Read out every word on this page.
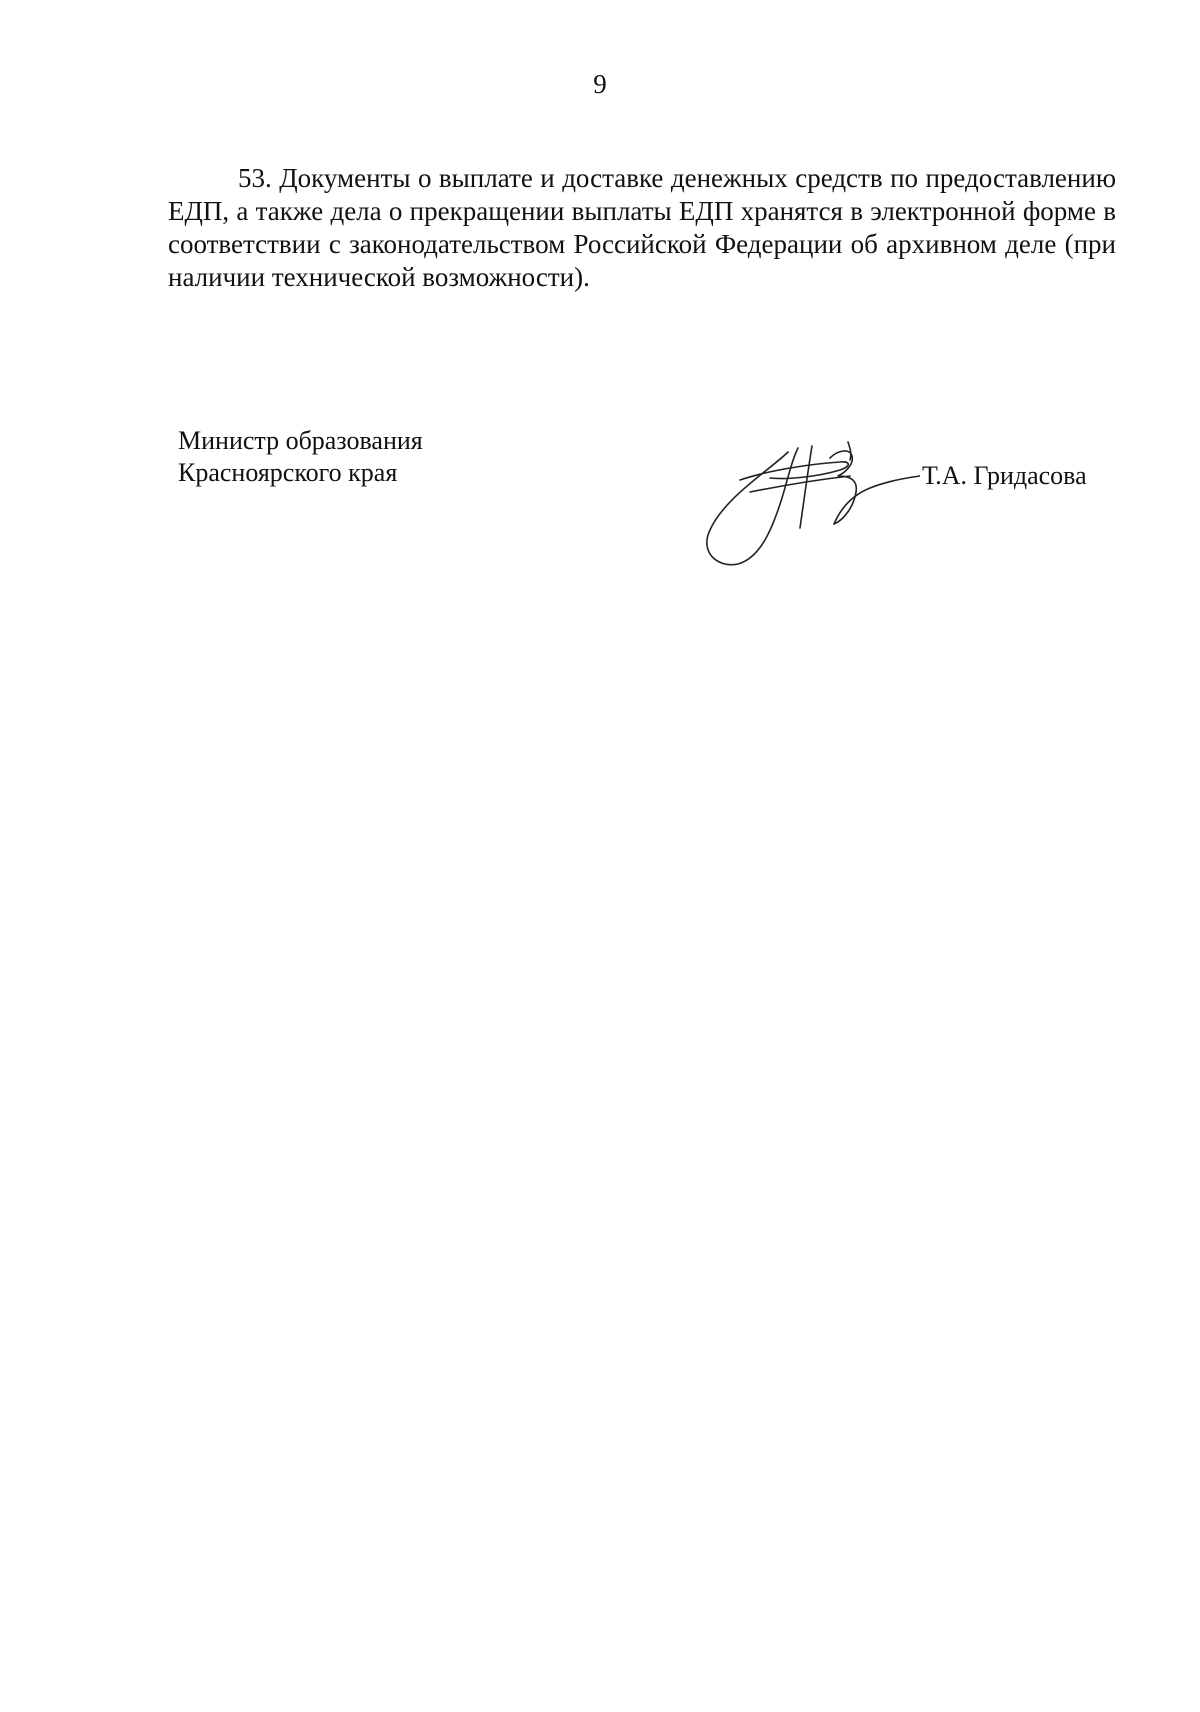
9
53. Документы о выплате и доставке денежных средств по предоставлению ЕДП, а также дела о прекращении выплаты ЕДП хранятся в электронной форме в соответствии с законодательством Российской Федерации об архивном деле (при наличии технической возможности).
Министр образования
Красноярского края	Т.А. Гридасова
